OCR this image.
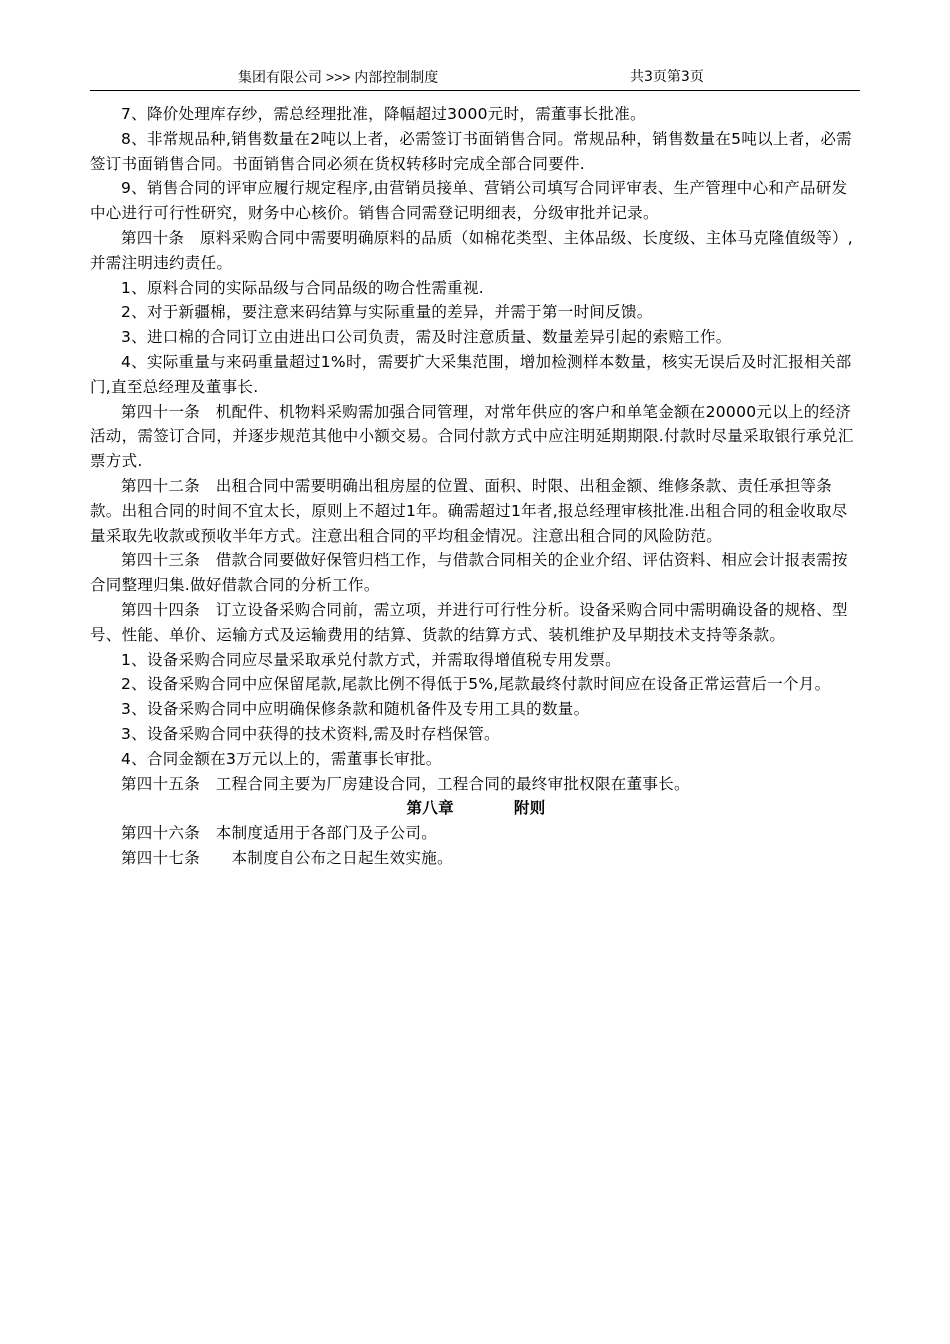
集团有限公司 >>> 内部控制制度	共3页第3页

7、降价处理库存纱，需总经理批准，降幅超过3000元时，需董事长批准。

8、非常规品种,销售数量在2吨以上者，必需签订书面销售合同。常规品种，销售数量在5吨以上者，必需签订书面销售合同。书面销售合同必须在货权转移时完成全部合同要件.

9、销售合同的评审应履行规定程序,由营销员接单、营销公司填写合同评审表、生产管理中心和产品研发中心进行可行性研究，财务中心核价。销售合同需登记明细表，分级审批并记录。

第四十条　原料采购合同中需要明确原料的品质（如棉花类型、主体品级、长度级、主体马克隆值级等）,并需注明违约责任。

1、原料合同的实际品级与合同品级的吻合性需重视.

2、对于新疆棉，要注意来码结算与实际重量的差异，并需于第一时间反馈。

3、进口棉的合同订立由进出口公司负责，需及时注意质量、数量差异引起的索赔工作。

4、实际重量与来码重量超过1%时，需要扩大采集范围，增加检测样本数量，核实无误后及时汇报相关部门,直至总经理及董事长.

第四十一条　机配件、机物料采购需加强合同管理，对常年供应的客户和单笔金额在20000元以上的经济活动，需签订合同，并逐步规范其他中小额交易。合同付款方式中应注明延期期限.付款时尽量采取银行承兑汇票方式.

第四十二条　出租合同中需要明确出租房屋的位置、面积、时限、出租金额、维修条款、责任承担等条款。出租合同的时间不宜太长，原则上不超过1年。确需超过1年者,报总经理审核批准.出租合同的租金收取尽量采取先收款或预收半年方式。注意出租合同的平均租金情况。注意出租合同的风险防范。

第四十三条　借款合同要做好保管归档工作，与借款合同相关的企业介绍、评估资料、相应会计报表需按合同整理归集.做好借款合同的分析工作。

第四十四条　订立设备采购合同前，需立项，并进行可行性分析。设备采购合同中需明确设备的规格、型号、性能、单价、运输方式及运输费用的结算、货款的结算方式、装机维护及早期技术支持等条款。

1、设备采购合同应尽量采取承兑付款方式，并需取得增值税专用发票。

2、设备采购合同中应保留尾款,尾款比例不得低于5%,尾款最终付款时间应在设备正常运营后一个月。

3、设备采购合同中应明确保修条款和随机备件及专用工具的数量。

3、设备采购合同中获得的技术资料,需及时存档保管。

4、合同金额在3万元以上的，需董事长审批。

第四十五条　工程合同主要为厂房建设合同，工程合同的最终审批权限在董事长。

第八章	附则

第四十六条　本制度适用于各部门及子公司。

第四十七条　　本制度自公布之日起生效实施。
